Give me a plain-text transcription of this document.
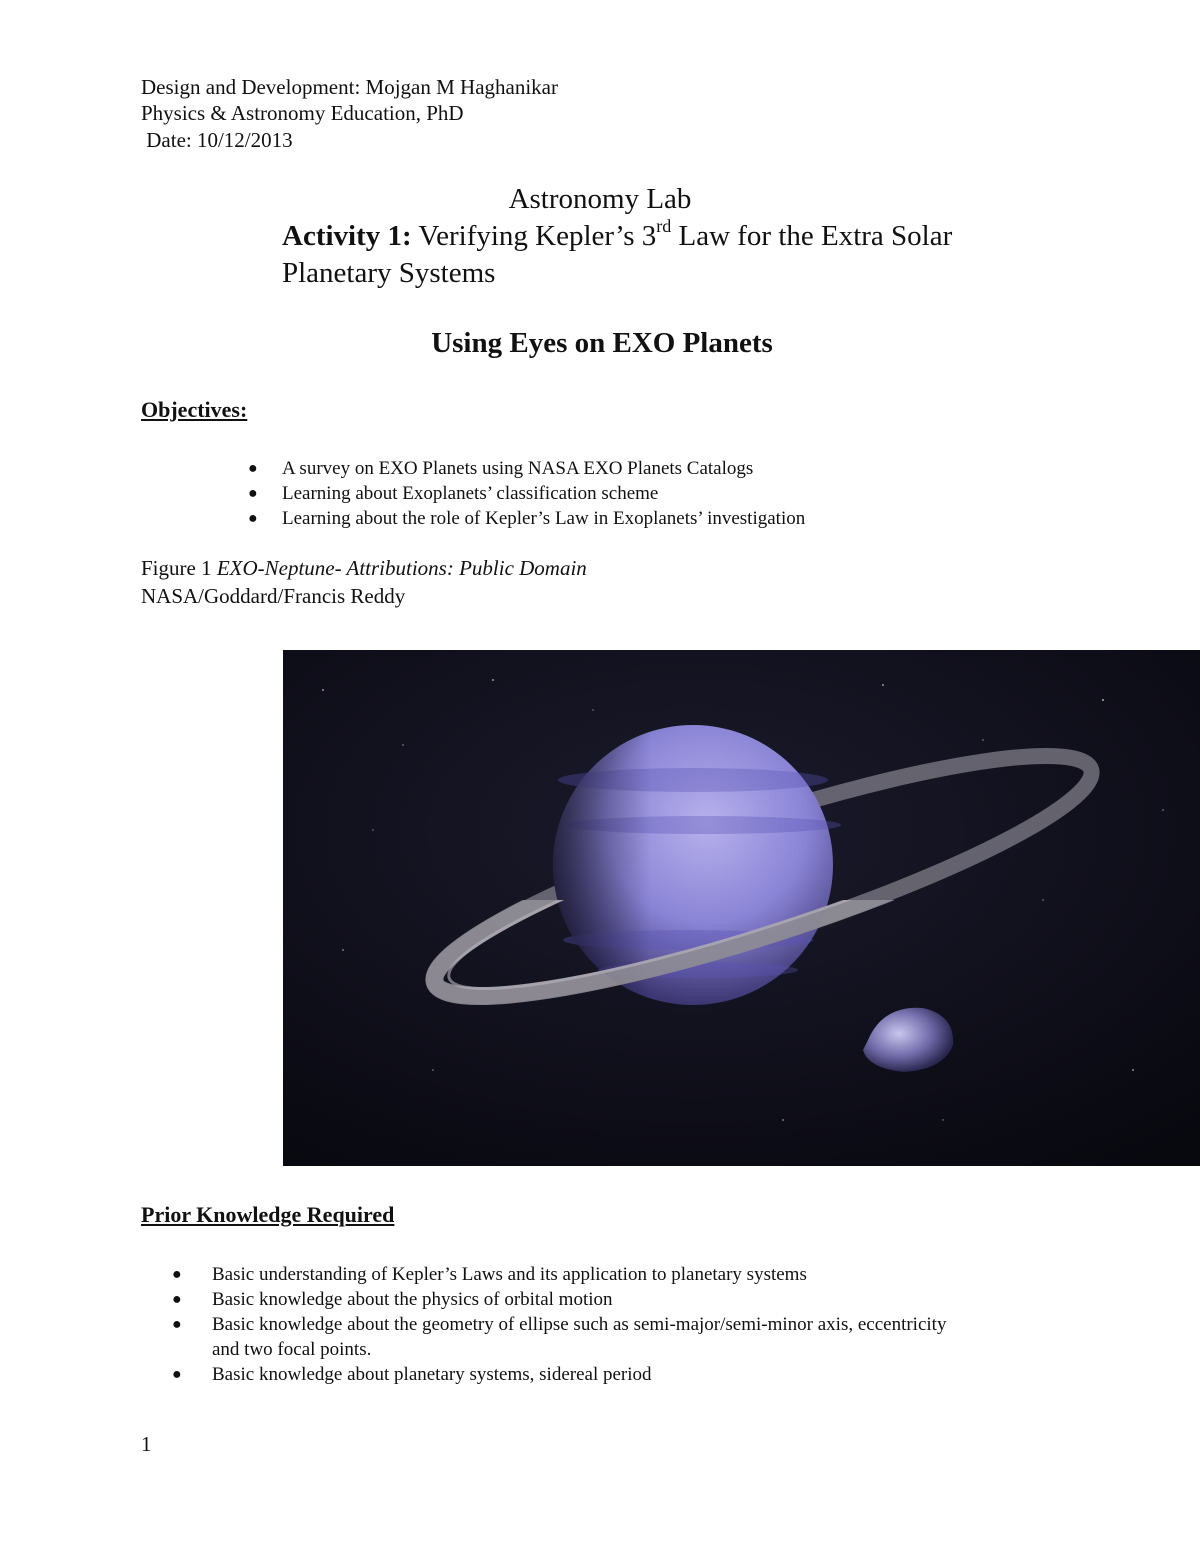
Design and Development: Mojgan M Haghanikar
Physics & Astronomy Education, PhD
Date: 10/12/2013
Astronomy Lab
Activity 1: Verifying Kepler’s 3rd Law for the Extra Solar
Planetary Systems
Using Eyes on EXO Planets
Objectives:
● A survey on EXO Planets using NASA EXO Planets Catalogs
● Learning about Exoplanets’ classification scheme
● Learning about the role of Kepler’s Law in Exoplanets’ investigation
Figure 1 EXO-Neptune- Attributions: Public Domain
NASA/Goddard/Francis Reddy
Prior Knowledge Required
● Basic understanding of Kepler’s Laws and its application to planetary systems
● Basic knowledge about the physics of orbital motion
● Basic knowledge about the geometry of ellipse such as semi-major/semi-minor axis, eccentricity
and two focal points.
● Basic knowledge about planetary systems, sidereal period
1
